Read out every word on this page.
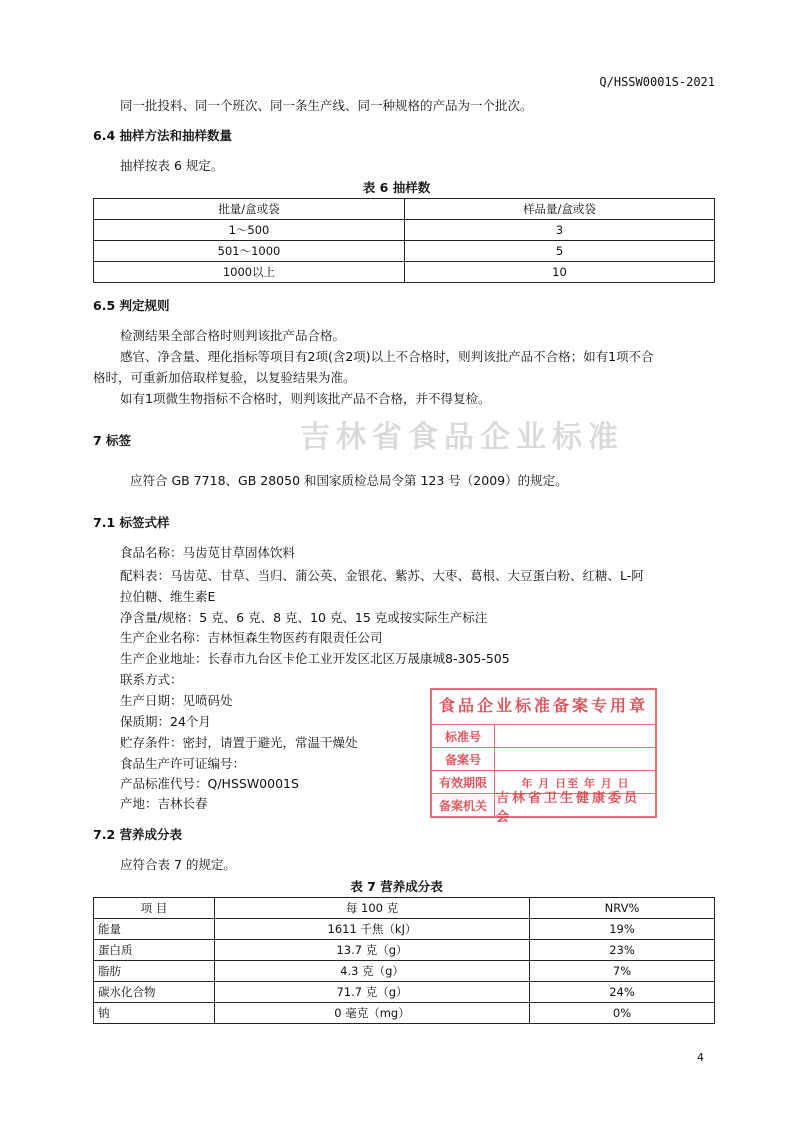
吉林省食品企业标准
Q/HSSW0001S-2021
同一批投料、同一个班次、同一条生产线、同一种规格的产品为一个批次。
6.4 抽样方法和抽样数量
抽样按表 6 规定。
表 6 抽样数
批量/盒或袋	样品量/盒或袋
1～500	3
501～1000	5
1000以上	10
6.5 判定规则
检测结果全部合格时则判该批产品合格。
感官、净含量、理化指标等项目有2项(含2项)以上不合格时，则判该批产品不合格；如有1项不合
格时，可重新加倍取样复验，以复验结果为准。
如有1项微生物指标不合格时，则判该批产品不合格，并不得复检。
7 标签
应符合 GB 7718、GB 28050 和国家质检总局令第 123 号（2009）的规定。
7.1 标签式样
食品名称：马齿苋甘草固体饮料
配料表：马齿苋、甘草、当归、蒲公英、金银花、紫苏、大枣、葛根、大豆蛋白粉、红糖、L-阿
拉伯糖、维生素E
净含量/规格：5 克、6 克、8 克、10 克、15 克或按实际生产标注
生产企业名称：吉林恒森生物医药有限责任公司
生产企业地址：长春市九台区卡伦工业开发区北区万晟康城8-305-505
联系方式：
生产日期：见喷码处
保质期：24个月
贮存条件：密封，请置于避光，常温干燥处
食品生产许可证编号：
产品标准代号：Q/HSSW0001S
产地：吉林长春
食品企业标准备案专用章
标准号
备案号
有效期限	年 月 日至 年 月 日
备案机关
吉林省卫生健康委员会
7.2 营养成分表
应符合表 7 的规定。
表 7 营养成分表
项 目	每 100 克	NRV%
能量	1611 千焦（kJ）	19%
蛋白质	13.7 克（g）	23%
脂肪	4.3 克（g）	7%
碳水化合物	71.7 克（g）	24%
钠	0 毫克（mg）	0%
4
